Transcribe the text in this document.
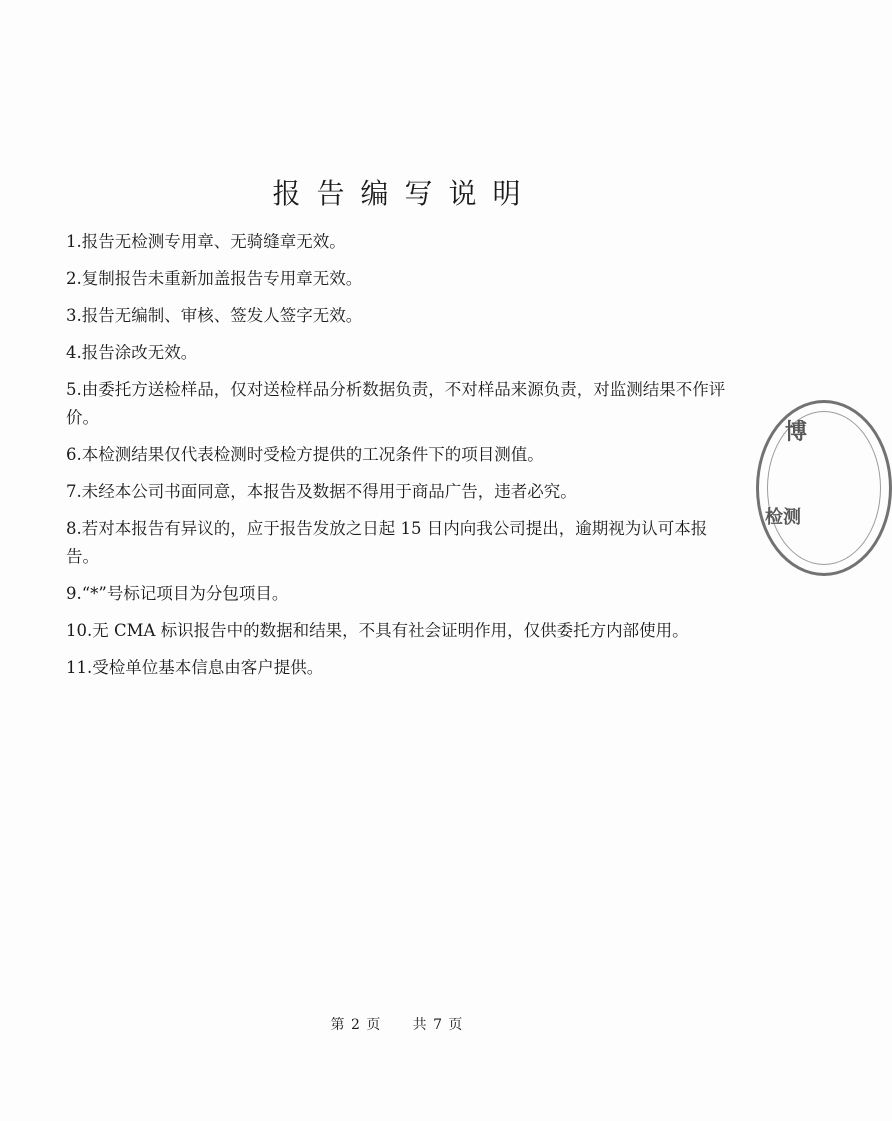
报告编写说明
1.报告无检测专用章、无骑缝章无效。
2.复制报告未重新加盖报告专用章无效。
3.报告无编制、审核、签发人签字无效。
4.报告涂改无效。
5.由委托方送检样品，仅对送检样品分析数据负责，不对样品来源负责，对监测结果不作评价。
6.本检测结果仅代表检测时受检方提供的工况条件下的项目测值。
7.未经本公司书面同意，本报告及数据不得用于商品广告，违者必究。
8.若对本报告有异议的，应于报告发放之日起 15 日内向我公司提出，逾期视为认可本报告。
9.“*”号标记项目为分包项目。
10.无 CMA 标识报告中的数据和结果，不具有社会证明作用，仅供委托方内部使用。
11.受检单位基本信息由客户提供。
博
检测
第 2 页 共 7 页
